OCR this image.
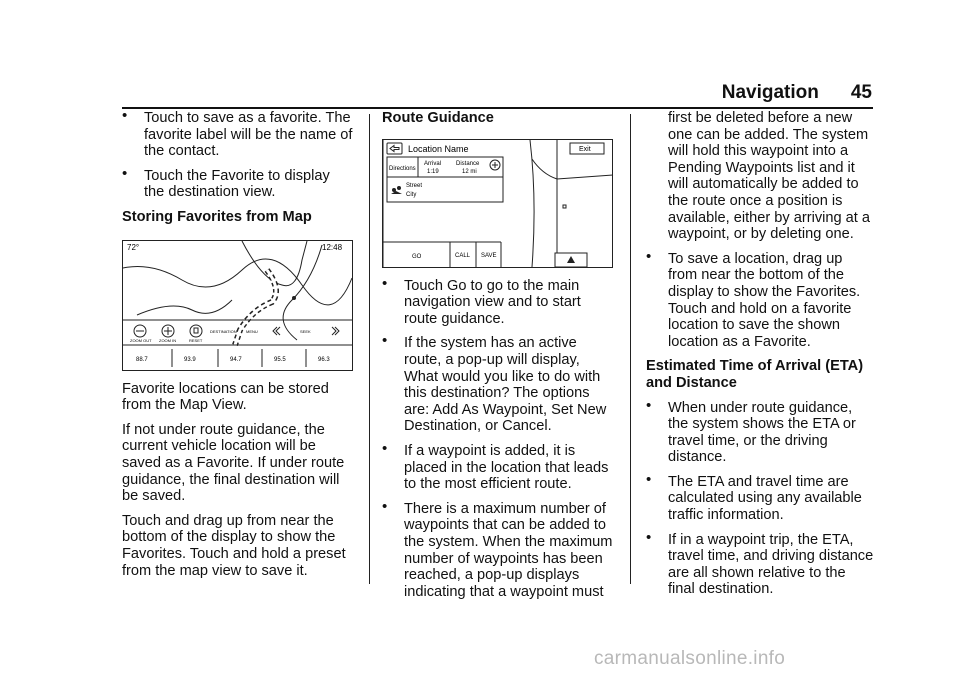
Navigation 45
• Touch to save as a favorite. The favorite label will be the name of the contact.
• Touch the Favorite to display the destination view.
Storing Favorites from Map
72°	12:48
ZOOM OUT ZOOM IN	RESET
DESTINATION MENU	SEEK
88.7	93.9	94.7	95.5	96.3
Favorite locations can be stored from the Map View.
If not under route guidance, the current vehicle location will be saved as a Favorite. If under route guidance, the final destination will be saved.
Touch and drag up from near the bottom of the display to show the Favorites. Touch and hold a preset from the map view to save it.
Route Guidance
Location Name	Exit
Directions
Arrival
1:19
Distance
12 mi
Street
City
GO	CALL SAVE
• Touch Go to go to the main navigation view and to start route guidance.
• If the system has an active route, a pop-up will display, What would you like to do with this destination? The options are: Add As Waypoint, Set New Destination, or Cancel.
• If a waypoint is added, it is placed in the location that leads to the most efficient route.
• There is a maximum number of waypoints that can be added to the system. When the maximum number of waypoints has been reached, a pop-up displays indicating that a waypoint must
first be deleted before a new one can be added. The system will hold this waypoint into a Pending Waypoints list and it will automatically be added to the route once a position is available, either by arriving at a waypoint, or by deleting one.
• To save a location, drag up from near the bottom of the display to show the Favorites. Touch and hold on a favorite location to save the shown location as a Favorite.
Estimated Time of Arrival (ETA) and Distance
• When under route guidance, the system shows the ETA or travel time, or the driving distance.
• The ETA and travel time are calculated using any available traffic information.
• If in a waypoint trip, the ETA, travel time, and driving distance are all shown relative to the final destination.
carmanualsonline.info
